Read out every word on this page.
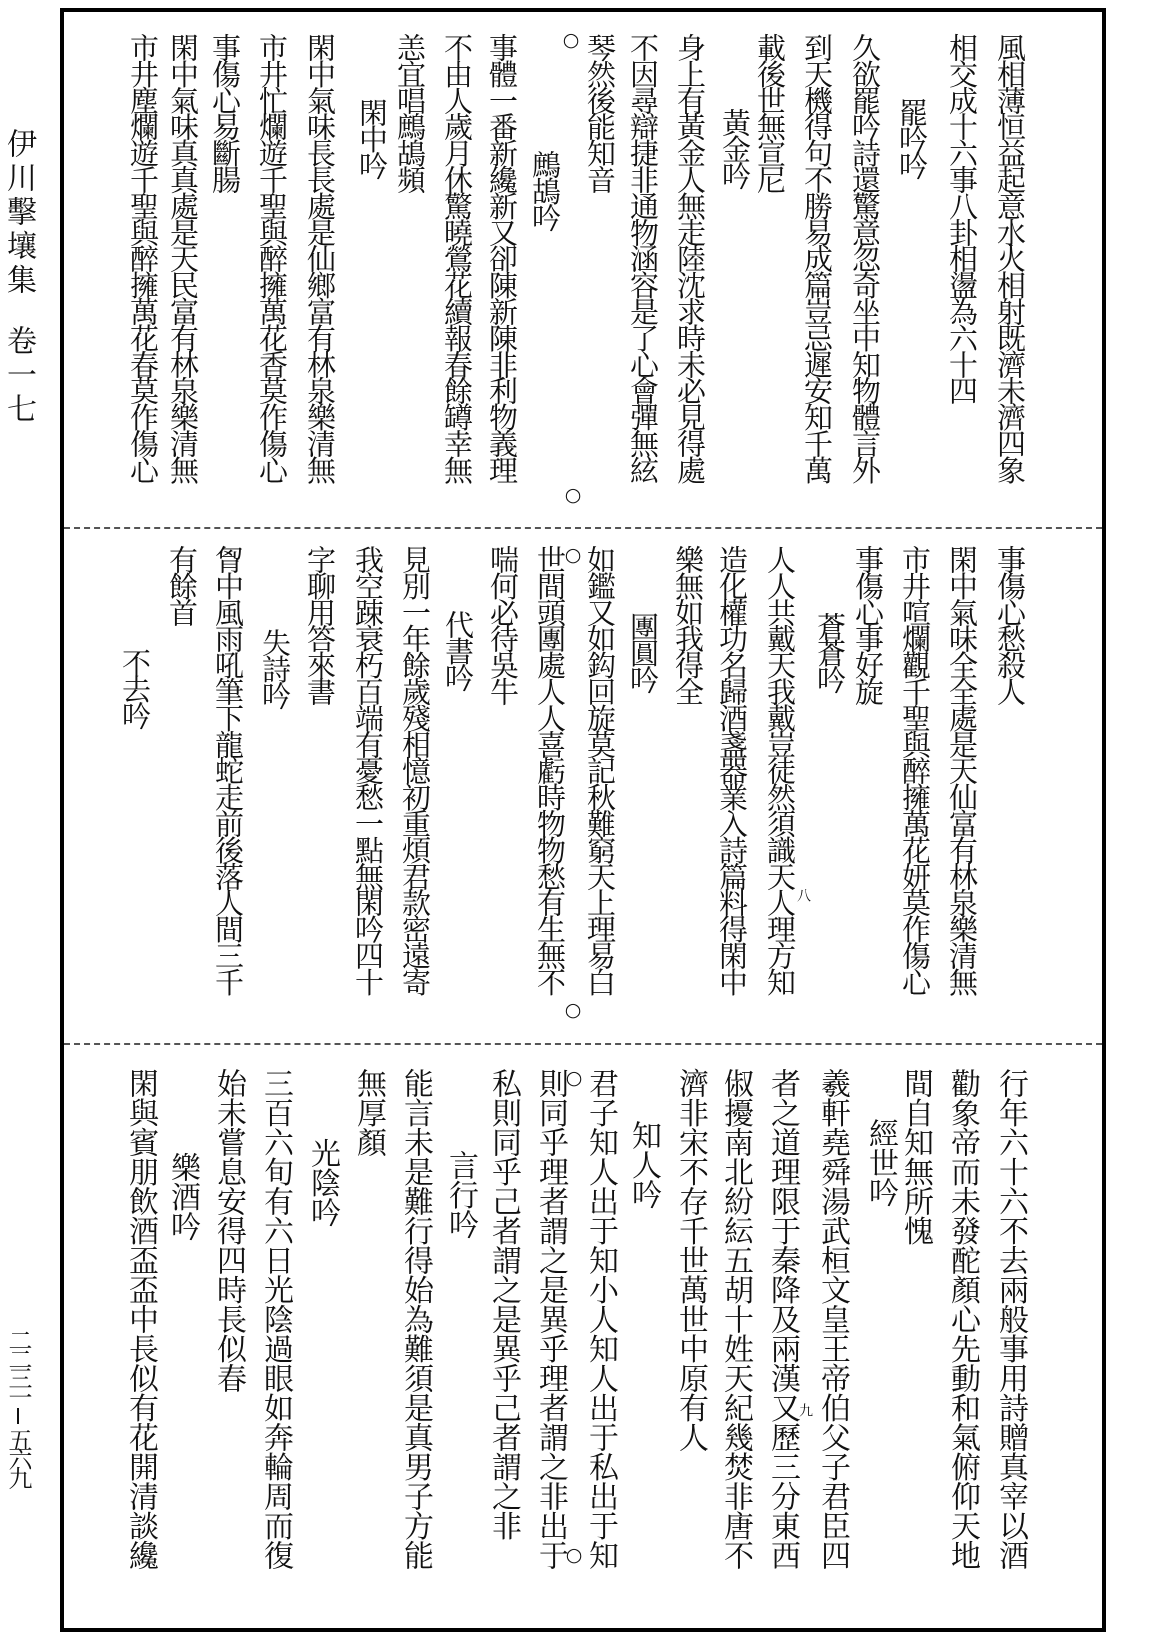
伊川擊壤集
卷一七
二二三一
五六九
風相薄恒益起意水火相射既濟未濟四象
相交成十六事八卦相盪為六十四
罷吟吟
久欲罷吟詩還驚意忽奇坐中知物體言外
到天機得句不勝易成篇豈忌遲安知千萬
載後世無宣尼
黃金吟
身上有黃金人無走陸沈求時未必見得處
不因尋辯捷非通物涵容是了心會彈無絃
琴然後能知音
○
○
鷓鴣吟
事體一番新纔新又卻陳新陳非利物義理
不由人歲月休驚曉鶯花續報春餘罇幸無
恙宜唱鷓鴣頻
閑中吟
閑中氣味長長處是仙鄉富有林泉樂清無
市井忙爛遊千聖與醉擁萬花香莫作傷心
事傷心易斷腸
閑中氣味真真處是天民富有林泉樂清無
市井塵爛遊千聖與醉擁萬花春莫作傷心
事傷心愁殺人
閑中氣味全全處是天仙富有林泉樂清無
市井喧爛觀千聖與醉擁萬花妍莫作傷心
事傷心事好旋
蒼蒼吟
人人共戴天我戴豈徒然須識天人理方知
八
造化權功名歸酒盞器業入詩篇料得閑中
樂無如我得全
團圓吟
如鑑又如鈎回旋莫記秋難窮天上理易白
○
○
世間頭團處人人喜虧時物物愁有生無不
喘何必待吳牛
代書吟
見別一年餘歲殘相憶初重煩君款密遠寄
我空踈衰朽百端有憂愁一點無閑吟四十
字聊用答來書
失詩吟
胷中風雨吼筆下龍蛇走前後落人間三千
有餘首
不去吟
行年六十六不去兩般事用詩贈真宰以酒
勸象帝而未發酡顏心先動和氣俯仰天地
間自知無所愧
經世吟
羲軒堯舜湯武桓文皇王帝伯父子君臣四
者之道理限于秦降及兩漢又歷三分東西
九
俶擾南北紛紜五胡十姓天紀幾焚非唐不
濟非宋不存千世萬世中原有人
知人吟
君子知人出于知小人知人出于私出于知
○
○
則同乎理者謂之是異乎理者謂之非出于
私則同乎己者謂之是異乎己者謂之非
言行吟
能言未是難行得始為難須是真男子方能
無厚顏
光陰吟
三百六旬有六日光陰過眼如奔輪周而復
始未嘗息安得四時長似春
樂酒吟
閑與賓朋飲酒盃盃中長似有花開清談纔
